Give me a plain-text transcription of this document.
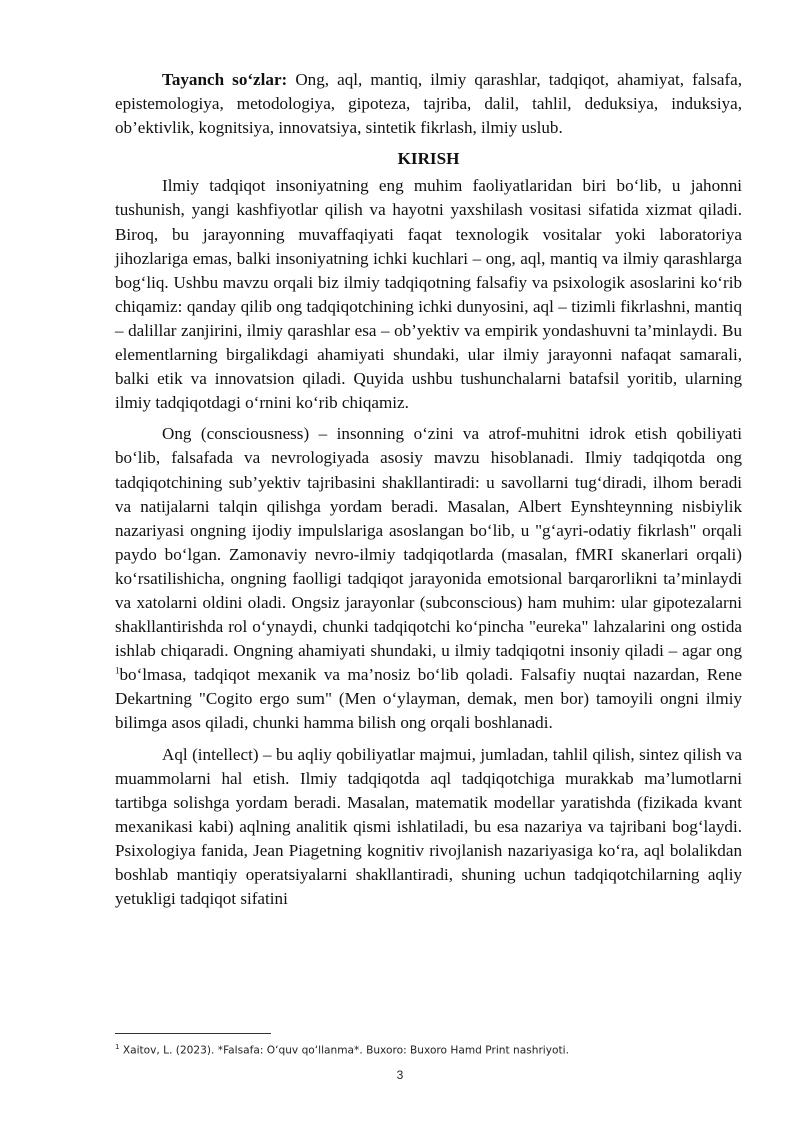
Tayanch so‘zlar: Ong, aql, mantiq, ilmiy qarashlar, tadqiqot, ahamiyat, falsafa, epistemologiya, metodologiya, gipoteza, tajriba, dalil, tahlil, deduksiya, induksiya, ob’ektivlik, kognitsiya, innovatsiya, sintetik fikrlash, ilmiy uslub.

KIRISH

Ilmiy tadqiqot insoniyatning eng muhim faoliyatlaridan biri bo‘lib, u jahonni tushunish, yangi kashfiyotlar qilish va hayotni yaxshilash vositasi sifatida xizmat qiladi. Biroq, bu jarayonning muvaffaqiyati faqat texnologik vositalar yoki laboratoriya jihozlariga emas, balki insoniyatning ichki kuchlari – ong, aql, mantiq va ilmiy qarashlarga bog‘liq. Ushbu mavzu orqali biz ilmiy tadqiqotning falsafiy va psixologik asoslarini ko‘rib chiqamiz: qanday qilib ong tadqiqotchining ichki dunyosini, aql – tizimli fikrlashni, mantiq – dalillar zanjirini, ilmiy qarashlar esa – ob’yektiv va empirik yondashuvni ta’minlaydi. Bu elementlarning birgalikdagi ahamiyati shundaki, ular ilmiy jarayonni nafaqat samarali, balki etik va innovatsion qiladi. Quyida ushbu tushunchalarni batafsil yoritib, ularning ilmiy tadqiqotdagi o‘rnini ko‘rib chiqamiz.

Ong (consciousness) – insonning o‘zini va atrof-muhitni idrok etish qobiliyati bo‘lib, falsafada va nevrologiyada asosiy mavzu hisoblanadi. Ilmiy tadqiqotda ong tadqiqotchining sub’yektiv tajribasini shakllantiradi: u savollarni tug‘diradi, ilhom beradi va natijalarni talqin qilishga yordam beradi. Masalan, Albert Eynshteynning nisbiylik nazariyasi ongning ijodiy impulslariga asoslangan bo‘lib, u "g‘ayri-odatiy fikrlash" orqali paydo bo‘lgan. Zamonaviy nevro-ilmiy tadqiqotlarda (masalan, fMRI skanerlari orqali) ko‘rsatilishicha, ongning faolligi tadqiqot jarayonida emotsional barqarorlikni ta’minlaydi va xatolarni oldini oladi. Ongsiz jarayonlar (subconscious) ham muhim: ular gipotezalarni shakllantirishda rol o‘ynaydi, chunki tadqiqotchi ko‘pincha "eureka" lahzalarini ong ostida ishlab chiqaradi. Ongning ahamiyati shundaki, u ilmiy tadqiqotni insoniy qiladi – agar ong $^1$bo‘lmasa, tadqiqot mexanik va ma’nosiz bo‘lib qoladi. Falsafiy nuqtai nazardan, Rene Dekartning "Cogito ergo sum" (Men o‘ylayman, demak, men bor) tamoyili ongni ilmiy bilimga asos qiladi, chunki hamma bilish ong orqali boshlanadi.

Aql (intellect) – bu aqliy qobiliyatlar majmui, jumladan, tahlil qilish, sintez qilish va muammolarni hal etish. Ilmiy tadqiqotda aql tadqiqotchiga murakkab ma’lumotlarni tartibga solishga yordam beradi. Masalan, matematik modellar yaratishda (fizikada kvant mexanikasi kabi) aqlning analitik qismi ishlatiladi, bu esa nazariya va tajribani bog‘laydi. Psixologiya fanida, Jean Piagetning kognitiv rivojlanish nazariyasiga ko‘ra, aql bolalikdan boshlab mantiqiy operatsiyalarni shakllantiradi, shuning uchun tadqiqotchilarning aqliy yetukligi tadqiqot sifatini

$^1$ Xaitov, L. (2023). *Falsafa: O‘quv qo‘llanma*. Buxoro: Buxoro Hamd Print nashriyoti.
3
